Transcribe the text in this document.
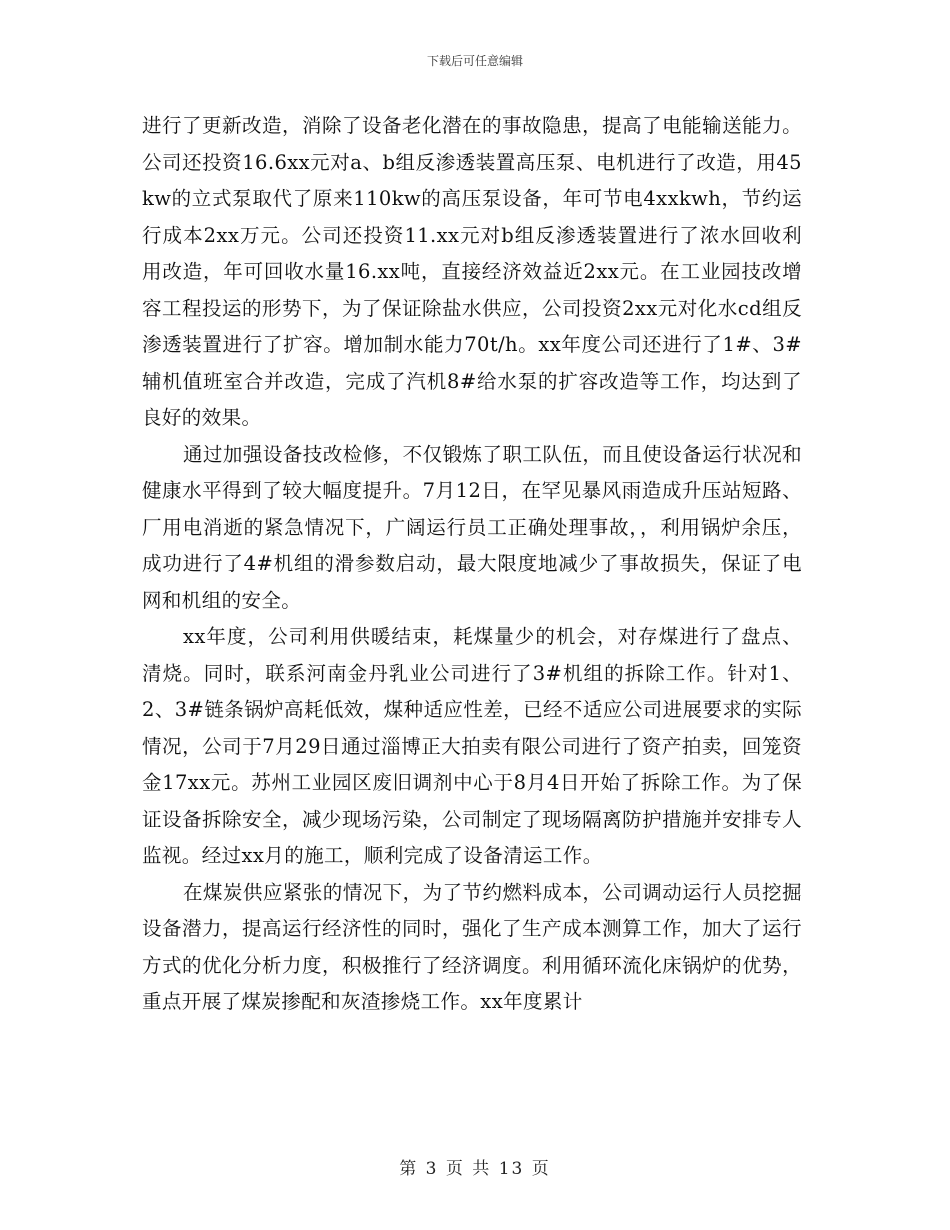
下载后可任意编辑

进行了更新改造，消除了设备老化潜在的事故隐患，提高了电能输送能力。公司还投资16.6xx元对a、b组反渗透装置高压泵、电机进行了改造，用45kw的立式泵取代了原来110kw的高压泵设备，年可节电4xxkwh，节约运行成本2xx万元。公司还投资11.xx元对b组反渗透装置进行了浓水回收利用改造，年可回收水量16.xx吨，直接经济效益近2xx元。在工业园技改增容工程投运的形势下，为了保证除盐水供应，公司投资2xx元对化水cd组反渗透装置进行了扩容。增加制水能力70t/h。xx年度公司还进行了1#、3#辅机值班室合并改造，完成了汽机8#给水泵的扩容改造等工作，均达到了良好的效果。

通过加强设备技改检修，不仅锻炼了职工队伍，而且使设备运行状况和健康水平得到了较大幅度提升。7月12日，在罕见暴风雨造成升压站短路、厂用电消逝的紧急情况下，广阔运行员工正确处理事故，，利用锅炉余压，成功进行了4#机组的滑参数启动，最大限度地减少了事故损失，保证了电网和机组的安全。

xx年度，公司利用供暖结束，耗煤量少的机会，对存煤进行了盘点、清烧。同时，联系河南金丹乳业公司进行了3#机组的拆除工作。针对1、2、3#链条锅炉高耗低效，煤种适应性差，已经不适应公司进展要求的实际情况，公司于7月29日通过淄博正大拍卖有限公司进行了资产拍卖，回笼资金17xx元。苏州工业园区废旧调剂中心于8月4日开始了拆除工作。为了保证设备拆除安全，减少现场污染，公司制定了现场隔离防护措施并安排专人监视。经过xx月的施工，顺利完成了设备清运工作。

在煤炭供应紧张的情况下，为了节约燃料成本，公司调动运行人员挖掘设备潜力，提高运行经济性的同时，强化了生产成本测算工作，加大了运行方式的优化分析力度，积极推行了经济调度。利用循环流化床锅炉的优势，重点开展了煤炭掺配和灰渣掺烧工作。xx年度累计

第 3 页 共 13 页
